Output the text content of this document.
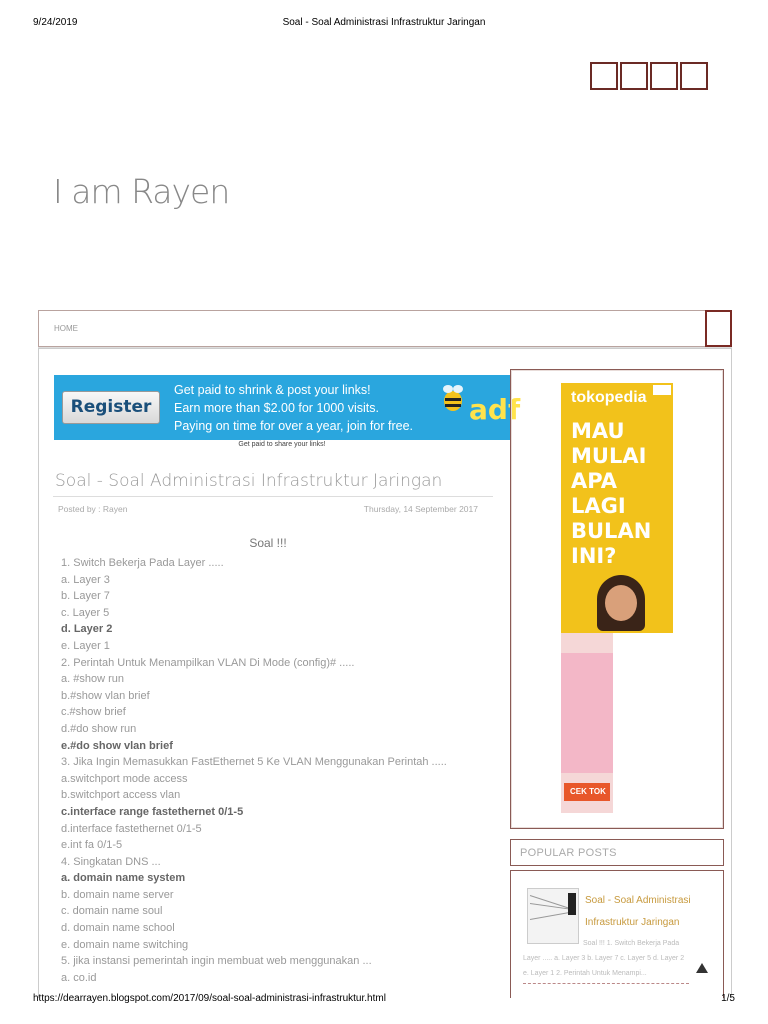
9/24/2019	Soal - Soal Administrasi Infrastruktur Jaringan
I am Rayen
HOME
Register
Get paid to shrink & post your links!
Earn more than $2.00 for 1000 visits.
Paying on time for over a year, join for free. adf
Get paid to share your links!
Soal - Soal Administrasi Infrastruktur Jaringan
Posted by : Rayen	Thursday, 14 September 2017
Soal !!!
1. Switch Bekerja Pada Layer .....
a. Layer 3
b. Layer 7
c. Layer 5
d. Layer 2
e. Layer 1
2. Perintah Untuk Menampilkan VLAN Di Mode (config)# .....
a. #show run
b.#show vlan brief
c.#show brief
d.#do show run
e.#do show vlan brief
3. Jika Ingin Memasukkan FastEthernet 5 Ke VLAN Menggunakan Perintah .....
a.switchport mode access
b.switchport access vlan
c.interface range fastethernet 0/1-5
d.interface fastethernet 0/1-5
e.int fa 0/1-5
4. Singkatan DNS ...
a. domain name system
b. domain name server
c. domain name soul
d. domain name school
e. domain name switching
5. jika instansi pemerintah ingin membuat web menggunakan ...
a. co.id
tokopedia
MAU
MULAI
APA
LAGI
BULAN
INI?
CEK TOK
POPULAR POSTS
Soal - Soal Administrasi Infrastruktur Jaringan
Soal !!! 1. Switch Bekerja Pada
Layer ..... a. Layer 3 b. Layer 7 c. Layer 5 d. Layer 2
e. Layer 1 2. Perintah Untuk Menampi...
https://dearrayen.blogspot.com/2017/09/soal-soal-administrasi-infrastruktur.html	1/5
